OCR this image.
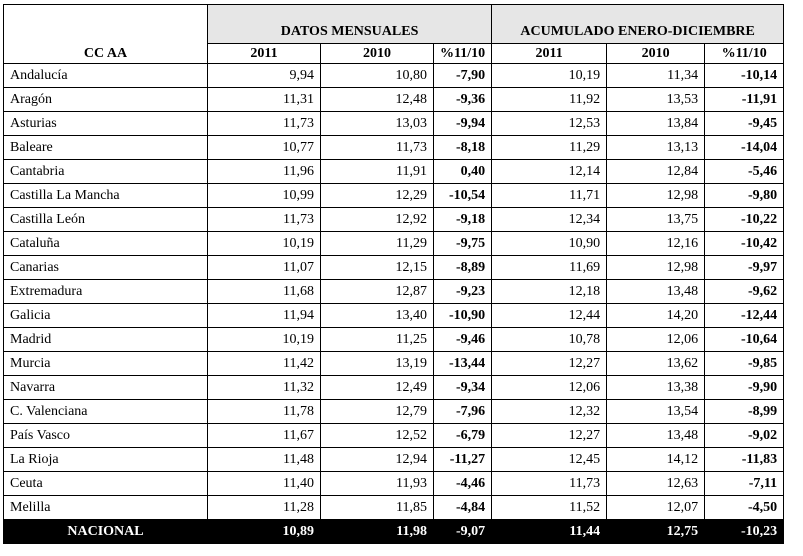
	DATOS MENSUALES			ACUMULADO ENERO-DICIEMBRE		

CC AA	2011	2010	%11/10	2011	2010	%11/10
Andalucía	9,94	10,80	-7,90	10,19	11,34	-10,14
Aragón	11,31	12,48	-9,36	11,92	13,53	-11,91
Asturias	11,73	13,03	-9,94	12,53	13,84	-9,45
Baleare	10,77	11,73	-8,18	11,29	13,13	-14,04
Cantabria	11,96	11,91	0,40	12,14	12,84	-5,46
Castilla La Mancha	10,99	12,29	-10,54	11,71	12,98	-9,80
Castilla León	11,73	12,92	-9,18	12,34	13,75	-10,22
Cataluña	10,19	11,29	-9,75	10,90	12,16	-10,42
Canarias	11,07	12,15	-8,89	11,69	12,98	-9,97
Extremadura	11,68	12,87	-9,23	12,18	13,48	-9,62
Galicia	11,94	13,40	-10,90	12,44	14,20	-12,44
Madrid	10,19	11,25	-9,46	10,78	12,06	-10,64
Murcia	11,42	13,19	-13,44	12,27	13,62	-9,85
Navarra	11,32	12,49	-9,34	12,06	13,38	-9,90
C. Valenciana	11,78	12,79	-7,96	12,32	13,54	-8,99
País Vasco	11,67	12,52	-6,79	12,27	13,48	-9,02
La Rioja	11,48	12,94	-11,27	12,45	14,12	-11,83
Ceuta	11,40	11,93	-4,46	11,73	12,63	-7,11
Melilla	11,28	11,85	-4,84	11,52	12,07	-4,50
NACIONAL	10,89	11,98	-9,07	11,44	12,75	-10,23
